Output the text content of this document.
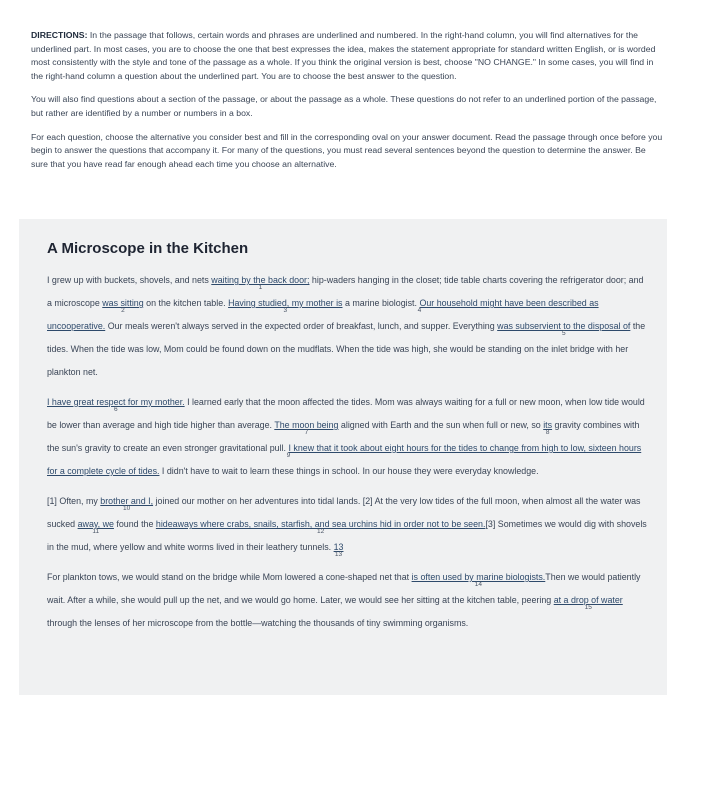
DIRECTIONS: In the passage that follows, certain words and phrases are underlined and numbered. In the right-hand column, you will find alternatives for the underlined part. In most cases, you are to choose the one that best expresses the idea, makes the statement appropriate for standard written English, or is worded most consistently with the style and tone of the passage as a whole. If you think the original version is best, choose "NO CHANGE." In some cases, you will find in the right-hand column a question about the underlined part. You are to choose the best answer to the question.

You will also find questions about a section of the passage, or about the passage as a whole. These questions do not refer to an underlined portion of the passage, but rather are identified by a number or numbers in a box.

For each question, choose the alternative you consider best and fill in the corresponding oval on your answer document. Read the passage through once before you begin to answer the questions that accompany it. For many of the questions, you must read several sentences beyond the question to determine the answer. Be sure that you have read far enough ahead each time you choose an alternative.

A Microscope in the Kitchen

I grew up with buckets, shovels, and nets waiting by the back door;
1
hip-waders hanging in the closet; tide table charts covering the refrigerator door; and a microscope was sitting
2
on the kitchen table. Having studied, my mother is
3
a marine biologist. Our household might have been described as uncooperative.
4
Our meals weren't always served in the expected order of breakfast, lunch, and supper. Everything was subservient to the disposal of
5
the tides. When the tide was low, Mom could be found down on the mudflats. When the tide was high, she would be standing on the inlet bridge with her plankton net.

I have great respect for my mother.
6
I learned early that the moon affected the tides. Mom was always waiting for a full or new moon, when low tide would be lower than average and high tide higher than average. The moon being
7
aligned with Earth and the sun when full or new, so its
8
gravity combines with the sun's gravity to create an even stronger gravitational pull. I knew that it took about eight hours for the tides to change from high to low, sixteen hours for a complete cycle of tides.
9
I didn't have to wait to learn these things in school. In our house they were everyday knowledge.

[1] Often, my brother and I,
10
joined our mother on her adventures into tidal lands. [2] At the very low tides of the full moon, when almost all the water was sucked away, we
11
found the hideaways where crabs, snails, starfish, and sea urchins hid in order not to be seen.
12
[3] Sometimes we would dig with shovels in the mud, where yellow and white worms lived in their leathery tunnels. 13
13

For plankton tows, we would stand on the bridge while Mom lowered a cone-shaped net that is often used by marine biologists.
14
Then we would patiently wait. After a while, she would pull up the net, and we would go home. Later, we would see her sitting at the kitchen table, peering at a drop of water
15
through the lenses of her microscope from the bottle—watching the thousands of tiny swimming organisms.
